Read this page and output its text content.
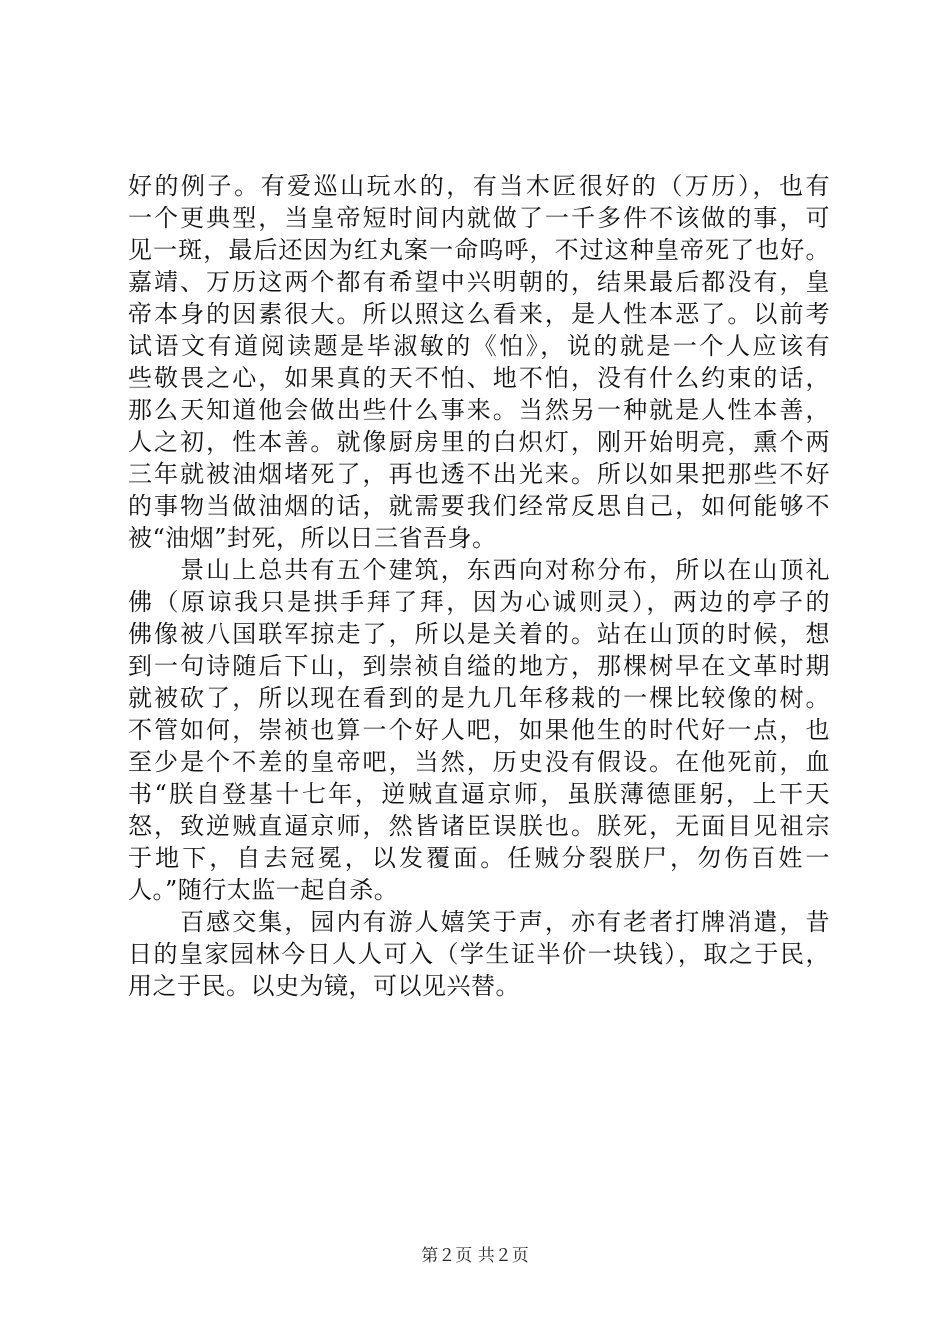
好的例子。有爱巡山玩水的，有当木匠很好的（万历），也有
一个更典型，当皇帝短时间内就做了一千多件不该做的事，可
见一斑，最后还因为红丸案一命呜呼，不过这种皇帝死了也好。
嘉靖、万历这两个都有希望中兴明朝的，结果最后都没有，皇
帝本身的因素很大。所以照这么看来，是人性本恶了。以前考
试语文有道阅读题是毕淑敏的《怕》，说的就是一个人应该有
些敬畏之心，如果真的天不怕、地不怕，没有什么约束的话，
那么天知道他会做出些什么事来。当然另一种就是人性本善，
人之初，性本善。就像厨房里的白炽灯，刚开始明亮，熏个两
三年就被油烟堵死了，再也透不出光来。所以如果把那些不好
的事物当做油烟的话，就需要我们经常反思自己，如何能够不
被“油烟”封死，所以日三省吾身。
　　景山上总共有五个建筑，东西向对称分布，所以在山顶礼
佛（原谅我只是拱手拜了拜，因为心诚则灵），两边的亭子的
佛像被八国联军掠走了，所以是关着的。站在山顶的时候，想
到一句诗随后下山，到崇祯自缢的地方，那棵树早在文革时期
就被砍了，所以现在看到的是九几年移栽的一棵比较像的树。
不管如何，崇祯也算一个好人吧，如果他生的时代好一点，也
至少是个不差的皇帝吧，当然，历史没有假设。在他死前，血
书“朕自登基十七年，逆贼直逼京师，虽朕薄德匪躬，上干天
怒，致逆贼直逼京师，然皆诸臣误朕也。朕死，无面目见祖宗
于地下，自去冠冕，以发覆面。任贼分裂朕尸，勿伤百姓一
人。”随行太监一起自杀。
　　百感交集，园内有游人嬉笑于声，亦有老者打牌消遣，昔
日的皇家园林今日人人可入（学生证半价一块钱），取之于民，
用之于民。以史为镜，可以见兴替。
第２页 共２页
